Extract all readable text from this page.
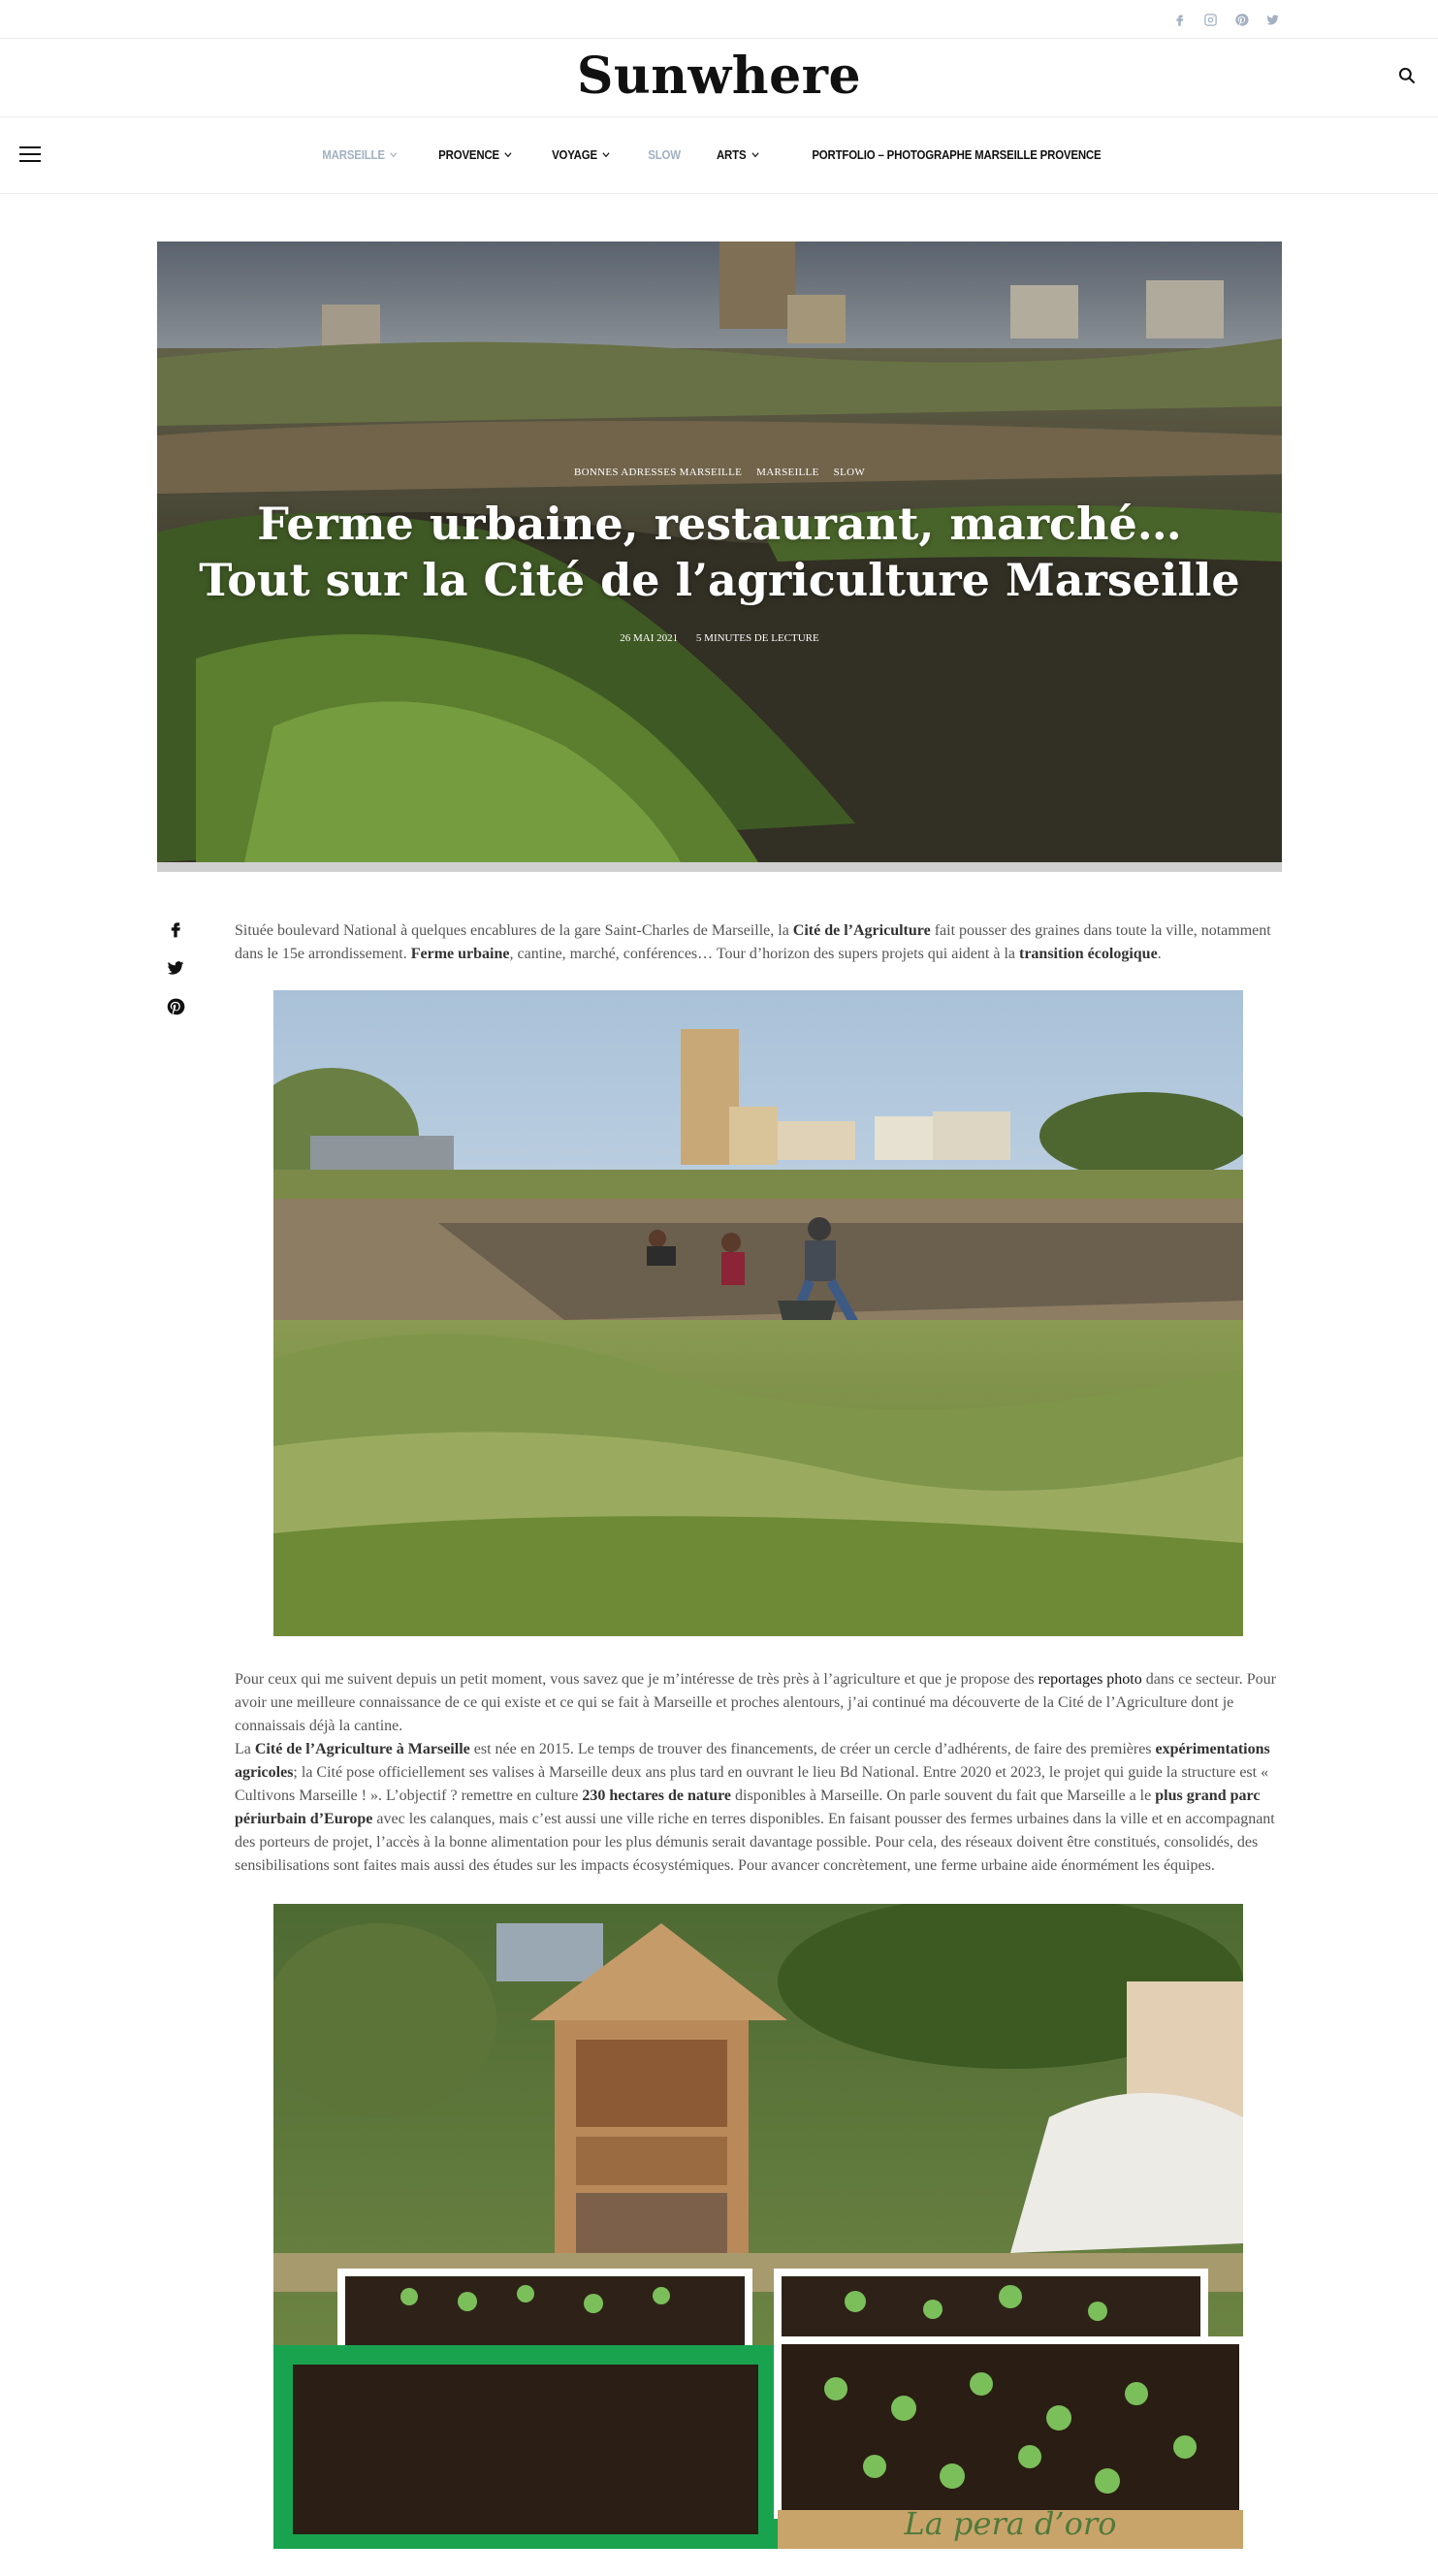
Sunwhere
MARSEILLE	PROVENCE	VOYAGE	SLOW	ARTS	PORTFOLIO – PHOTOGRAPHE MARSEILLE PROVENCE
BONNES ADRESSES MARSEILLE MARSEILLE SLOW
Ferme urbaine, restaurant, marché… Tout sur la Cité de l’agriculture Marseille
26 MAI 2021 5 MINUTES DE LECTURE

Située boulevard National à quelques encablures de la gare Saint-Charles de Marseille, la Cité de l’Agriculture fait pousser des graines dans toute la ville, notamment dans le 15e arrondissement. Ferme urbaine, cantine, marché, conférences… Tour d’horizon des supers projets qui aident à la transition écologique.

Pour ceux qui me suivent depuis un petit moment, vous savez que je m’intéresse de très près à l’agriculture et que je propose des reportages photo dans ce secteur. Pour avoir une meilleure connaissance de ce qui existe et ce qui se fait à Marseille et proches alentours, j’ai continué ma découverte de la Cité de l’Agriculture dont je connaissais déjà la cantine.

La Cité de l’Agriculture à Marseille est née en 2015. Le temps de trouver des financements, de créer un cercle d’adhérents, de faire des premières expérimentations agricoles; la Cité pose officiellement ses valises à Marseille deux ans plus tard en ouvrant le lieu Bd National. Entre 2020 et 2023, le projet qui guide la structure est « Cultivons Marseille ! ». L’objectif ? remettre en culture 230 hectares de nature disponibles à Marseille. On parle souvent du fait que Marseille a le plus grand parc périurbain d’Europe avec les calanques, mais c’est aussi une ville riche en terres disponibles. En faisant pousser des fermes urbaines dans la ville et en accompagnant des porteurs de projet, l’accès à la bonne alimentation pour les plus démunis serait davantage possible. Pour cela, des réseaux doivent être constitués, consolidés, des sensibilisations sont faites mais aussi des études sur les impacts écosystémiques. Pour avancer concrètement, une ferme urbaine aide énormément les équipes.

La pera d’oro
